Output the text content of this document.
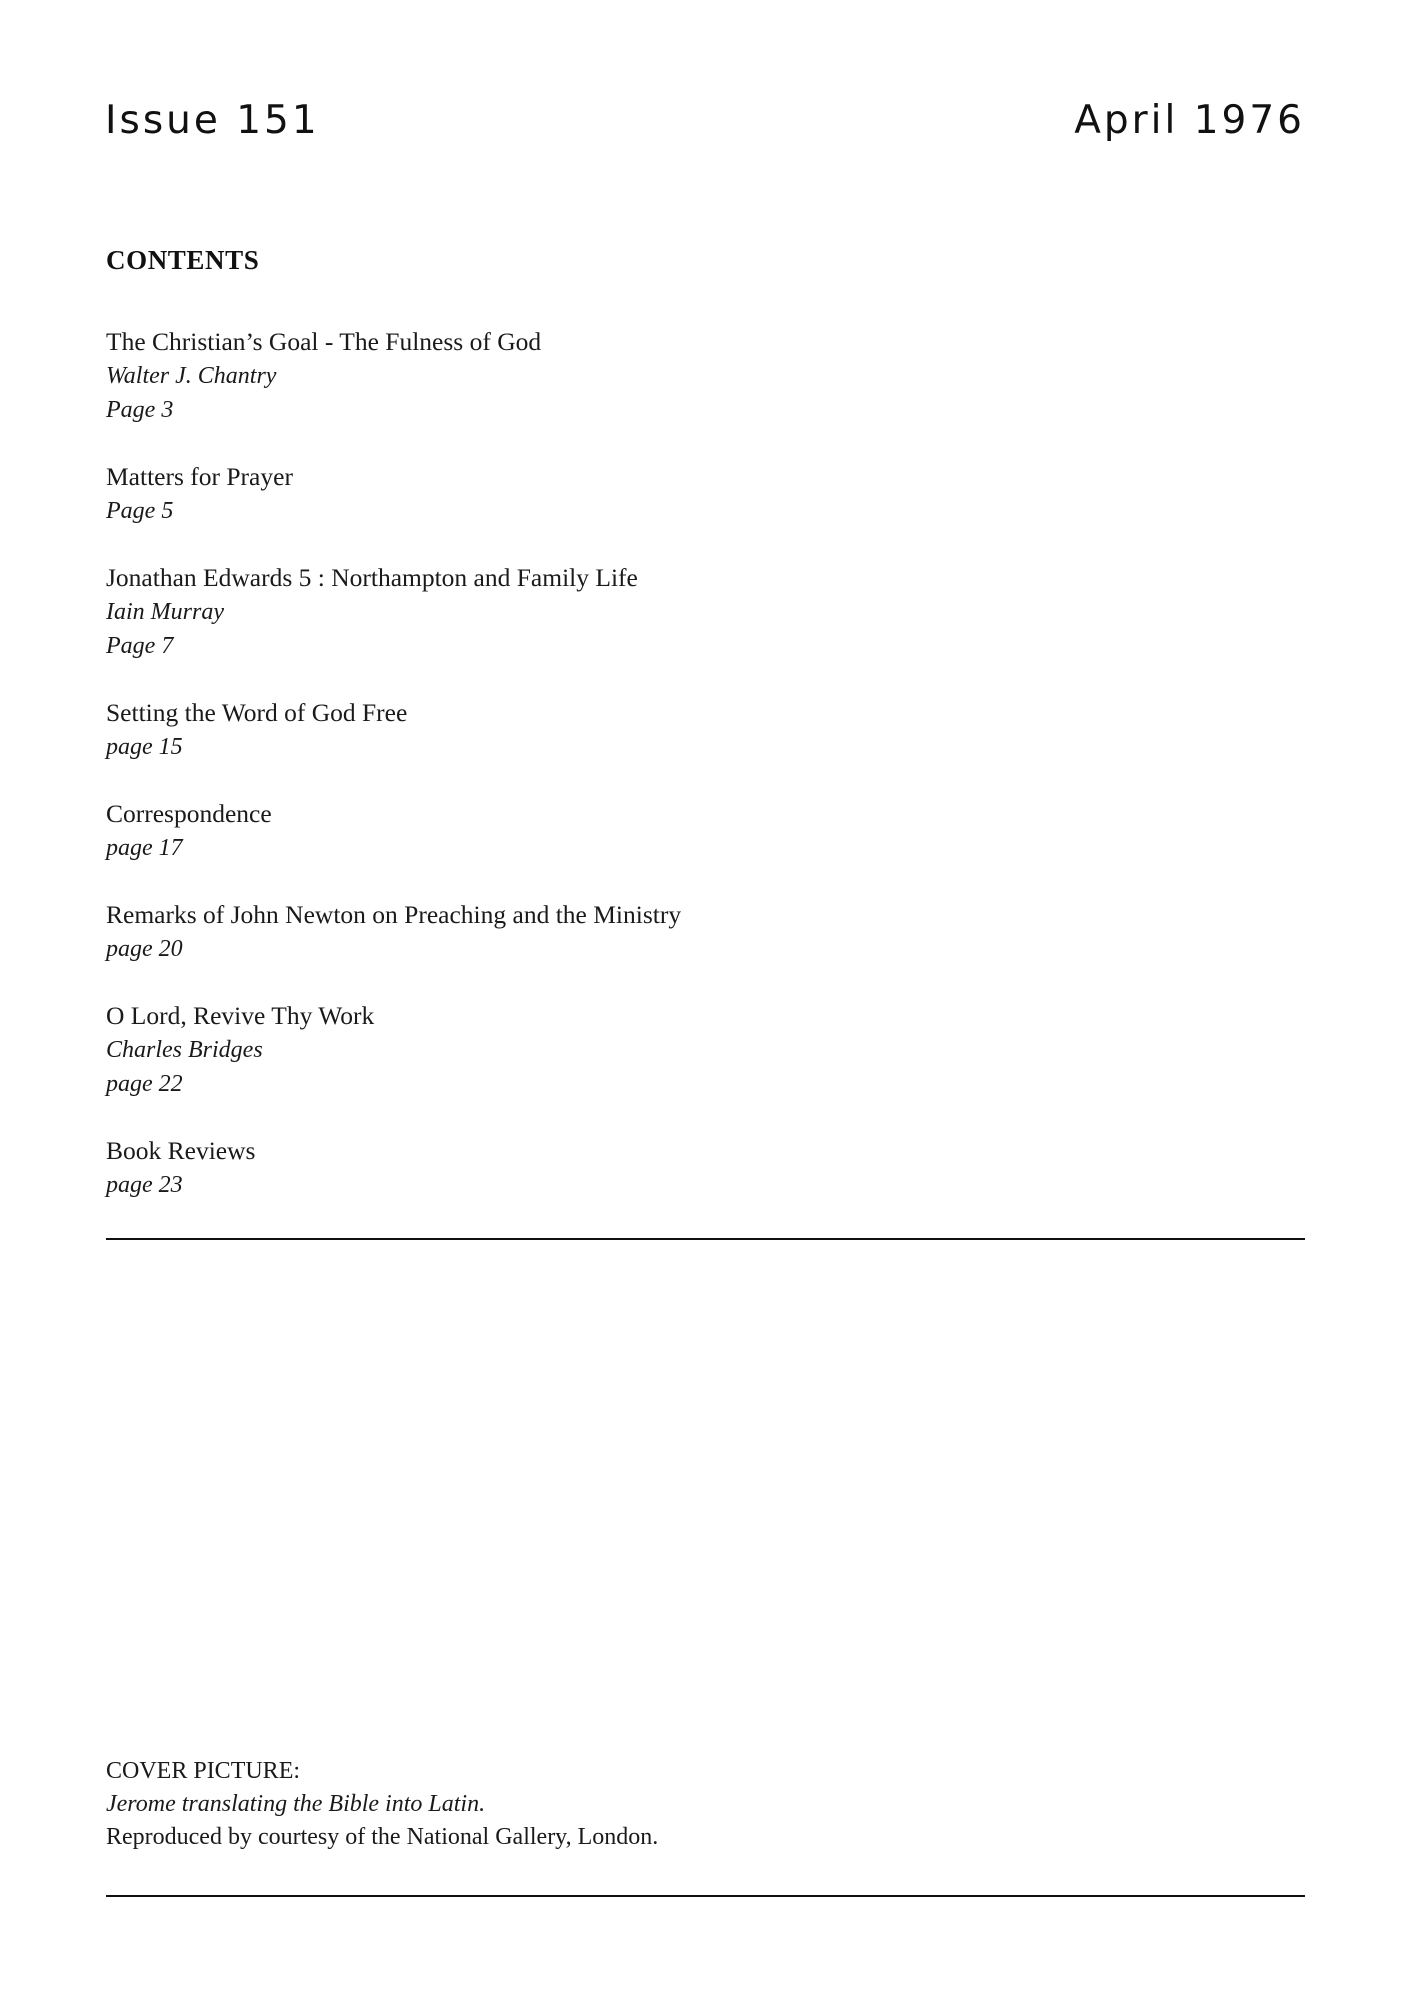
Issue 151	April 1976
CONTENTS
The Christian’s Goal - The Fulness of God
Walter J. Chantry
Page 3
Matters for Prayer
Page 5
Jonathan Edwards 5 : Northampton and Family Life
Iain Murray
Page 7
Setting the Word of God Free
page 15
Correspondence
page 17
Remarks of John Newton on Preaching and the Ministry
page 20
O Lord, Revive Thy Work
Charles Bridges
page 22
Book Reviews
page 23
COVER PICTURE:
Jerome translating the Bible into Latin.
Reproduced by courtesy of the National Gallery, London.
